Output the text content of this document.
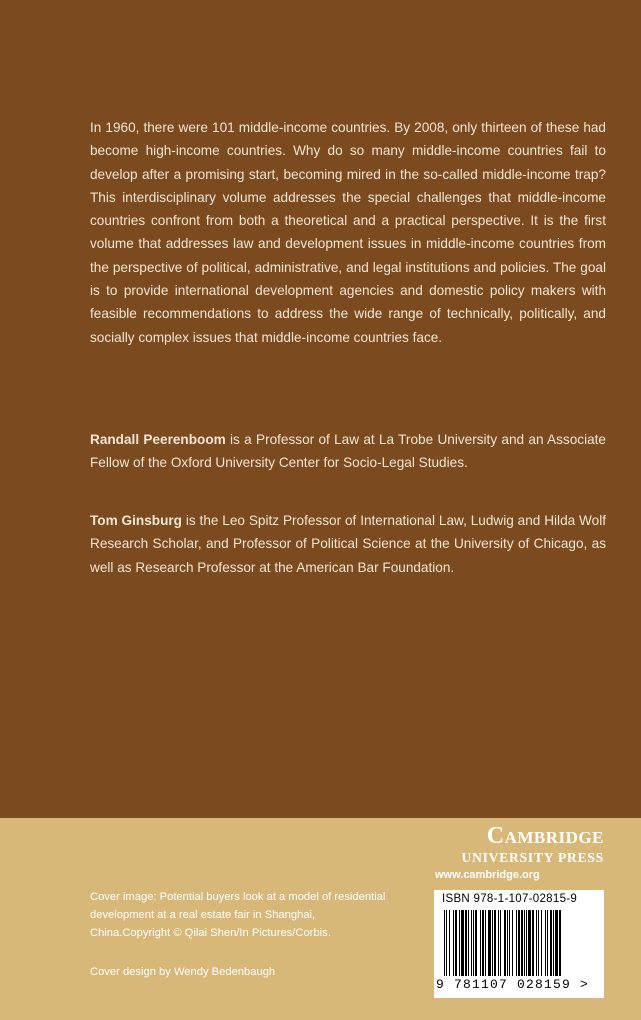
In 1960, there were 101 middle-income countries. By 2008, only thirteen of these had become high-income countries. Why do so many middle-income countries fail to develop after a promising start, becoming mired in the so-called middle-income trap? This interdisciplinary volume addresses the special challenges that middle-income countries confront from both a theoretical and a practical perspective. It is the first volume that addresses law and development issues in middle-income countries from the perspective of political, administrative, and legal institutions and policies. The goal is to provide international development agencies and domestic policy makers with feasible recommendations to address the wide range of technically, politically, and socially complex issues that middle-income countries face.

Randall Peerenboom is a Professor of Law at La Trobe University and an Associate Fellow of the Oxford University Center for Socio-Legal Studies.

Tom Ginsburg is the Leo Spitz Professor of International Law, Ludwig and Hilda Wolf Research Scholar, and Professor of Political Science at the University of Chicago, as well as Research Professor at the American Bar Foundation.

Cover image: Potential buyers look at a model of residential development at a real estate fair in Shanghai, China.Copyright © Qilai Shen/In Pictures/Corbis.

Cover design by Wendy Bedenbaugh

Cambridge
UNIVERSITY PRESS
www.cambridge.org
ISBN 978-1-107-02815-9
9 781107 028159 >
